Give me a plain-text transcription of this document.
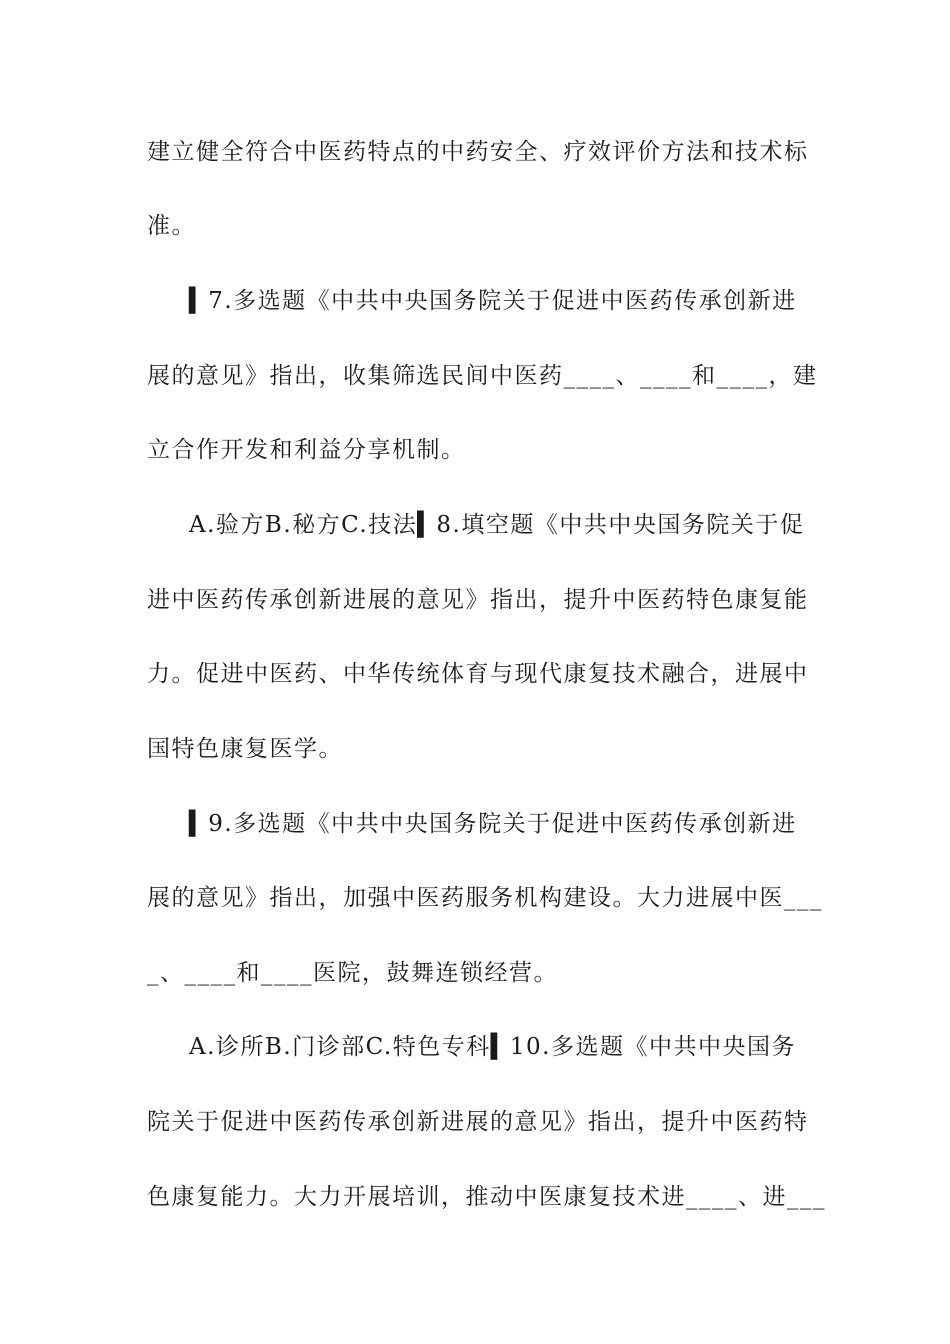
建立健全符合中医药特点的中药安全、疗效评价方法和技术标
准。
▍7.多选题《中共中央国务院关于促进中医药传承创新进
展的意见》指出，收集筛选民间中医药____、____和____，建
立合作开发和利益分享机制。
A.验方B.秘方C.技法▍8.填空题《中共中央国务院关于促
进中医药传承创新进展的意见》指出，提升中医药特色康复能
力。促进中医药、中华传统体育与现代康复技术融合，进展中
国特色康复医学。
▍9.多选题《中共中央国务院关于促进中医药传承创新进
展的意见》指出，加强中医药服务机构建设。大力进展中医___
_、____和____医院，鼓舞连锁经营。
A.诊所B.门诊部C.特色专科▍10.多选题《中共中央国务
院关于促进中医药传承创新进展的意见》指出，提升中医药特
色康复能力。大力开展培训，推动中医康复技术进____、进___
